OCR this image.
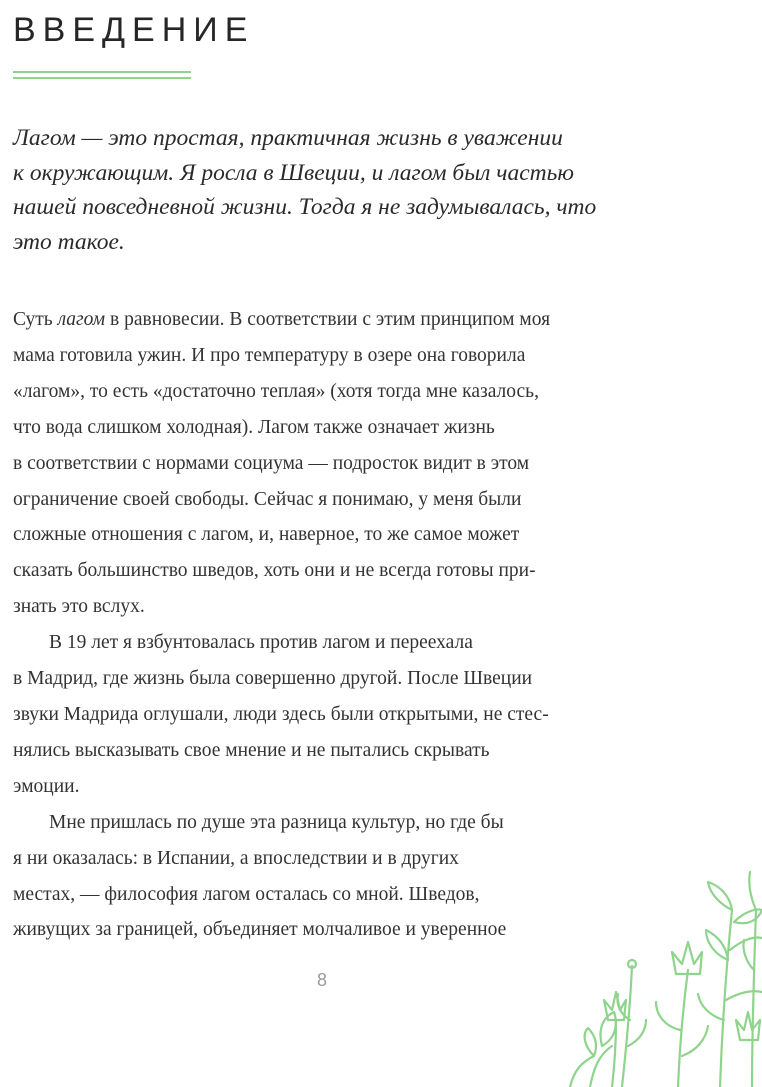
ВВЕДЕНИЕ

Лагом — это простая, практичная жизнь в уважении
к окружающим. Я росла в Швеции, и лагом был частью
нашей повседневной жизни. Тогда я не задумывалась, что
это такое.

Суть лагом в равновесии. В соответствии с этим принципом моя
мама готовила ужин. И про температуру в озере она говорила
«лагом», то есть «достаточно теплая» (хотя тогда мне казалось,
что вода слишком холодная). Лагом также означает жизнь
в соответствии с нормами социума — подросток видит в этом
ограничение своей свободы. Сейчас я понимаю, у меня были
сложные отношения с лагом, и, наверное, то же самое может
сказать большинство шведов, хоть они и не всегда готовы при-
знать это вслух.
В 19 лет я взбунтовалась против лагом и переехала
в Мадрид, где жизнь была совершенно другой. После Швеции
звуки Мадрида оглушали, люди здесь были открытыми, не стес-
нялись высказывать свое мнение и не пытались скрывать
эмоции.
Мне пришлась по душе эта разница культур, но где бы
я ни оказалась: в Испании, а впоследствии и в других
местах, — философия лагом осталась со мной. Шведов,
живущих за границей, объединяет молчаливое и уверенное
8
